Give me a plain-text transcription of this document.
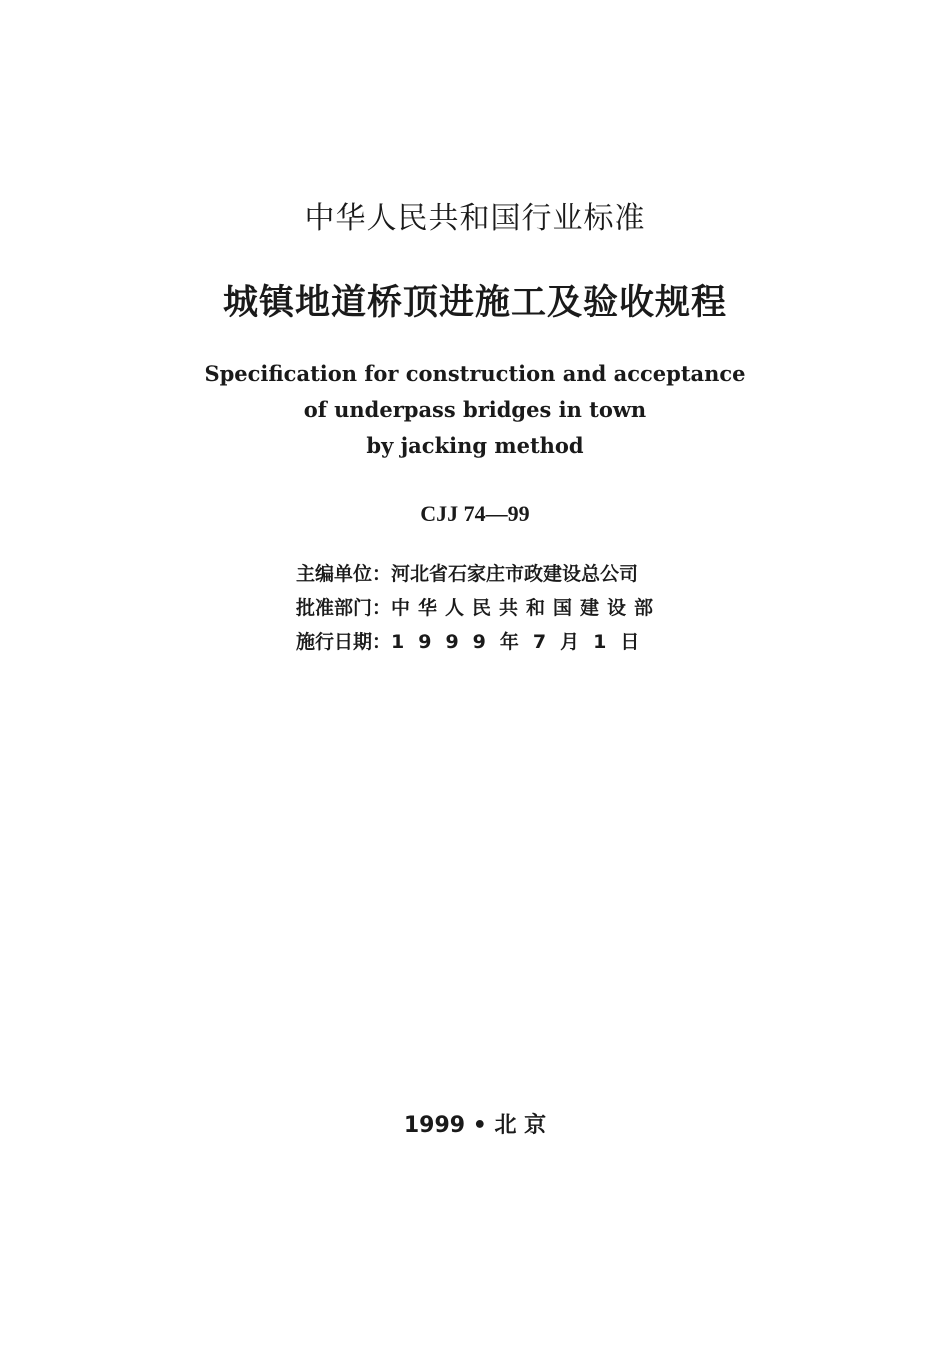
中华人民共和国行业标准
城镇地道桥顶进施工及验收规程
Specification for construction and acceptance
of underpass bridges in town
by jacking method
CJJ 74—99
主编单位： 河北省石家庄市政建设总公司
批准部门： 中华人民共和国建设部
施行日期： 1999年7月1日
1999 • 北 京
